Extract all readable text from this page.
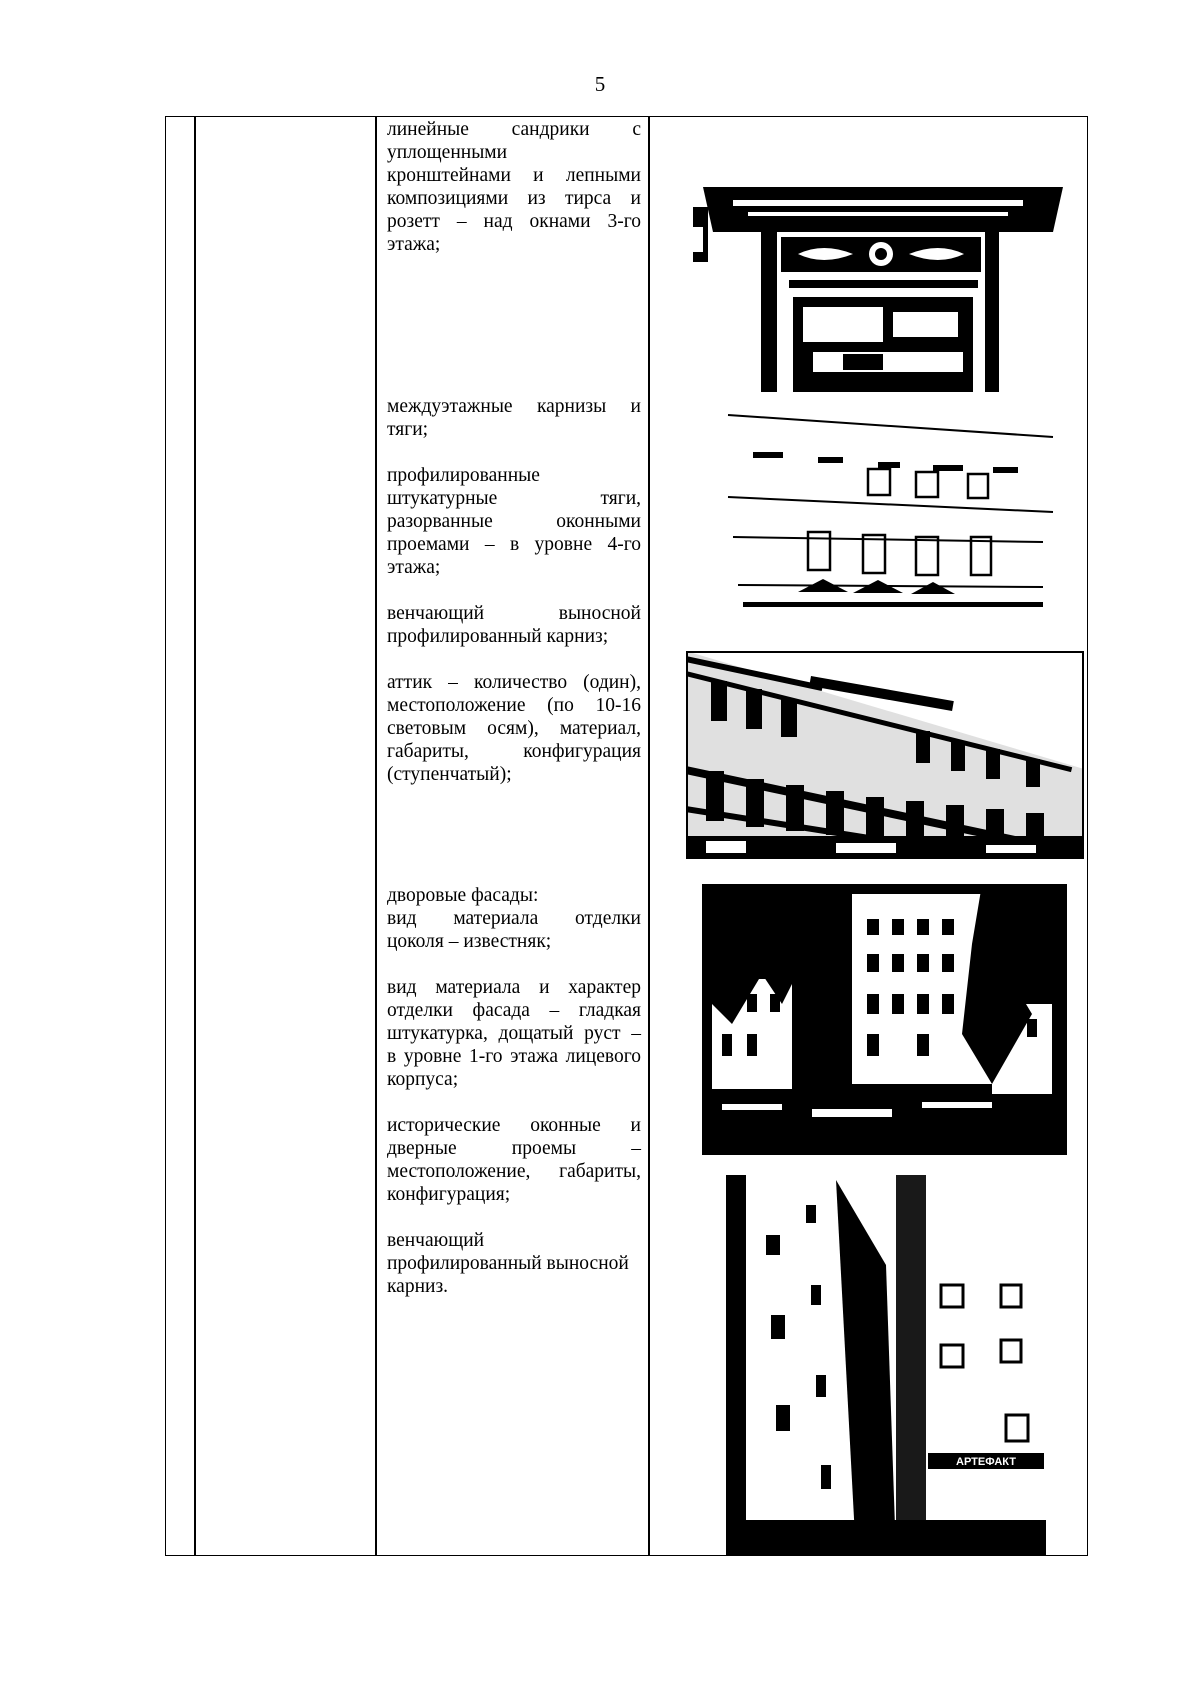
5
линейные сандрики с
уплощенными
кронштейнами и лепными
композициями из тирса и
розетт – над окнами 3-го
этажа;
междуэтажные карнизы и
тяги;
профилированные
штукатурные тяги,
разорванные оконными
проемами – в уровне 4-го
этажа;
венчающий выносной
профилированный карниз;
аттик – количество (один),
местоположение (по 10-16
световым осям), материал,
габариты, конфигурация
(ступенчатый);
дворовые фасады:
вид материала отделки
цоколя – известняк;
вид материала и характер
отделки фасада – гладкая
штукатурка, дощатый руст –
в уровне 1-го этажа лицевого
корпуса;
исторические оконные и
дверные проемы –
местоположение, габариты,
конфигурация;
венчающий
профилированный выносной
карниз.
АРТЕФАКТ
